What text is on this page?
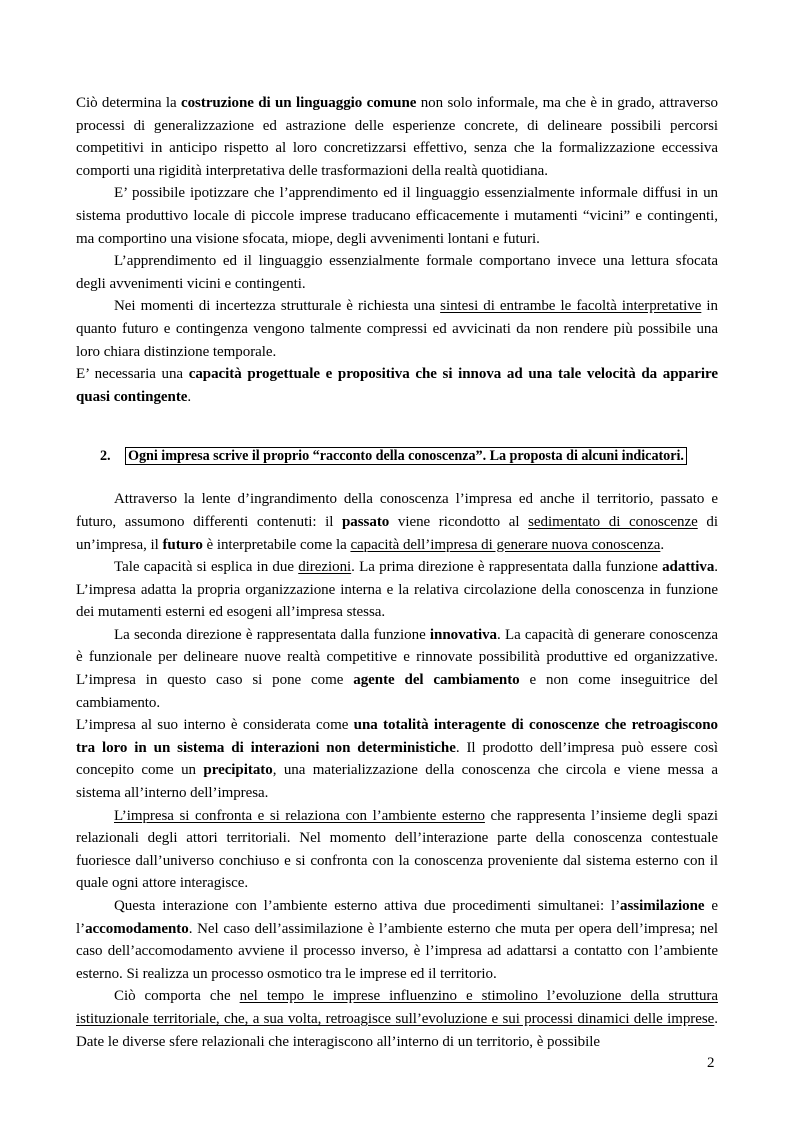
Ciò determina la costruzione di un linguaggio comune non solo informale, ma che è in grado, attraverso processi di generalizzazione ed astrazione delle esperienze concrete, di delineare possibili percorsi competitivi in anticipo rispetto al loro concretizzarsi effettivo, senza che la formalizzazione eccessiva comporti una rigidità interpretativa delle trasformazioni della realtà quotidiana.

E’ possibile ipotizzare che l’apprendimento ed il linguaggio essenzialmente informale diffusi in un sistema produttivo locale di piccole imprese traducano efficacemente i mutamenti “vicini” e contingenti, ma comportino una visione sfocata, miope, degli avvenimenti lontani e futuri.

L’apprendimento ed il linguaggio essenzialmente formale comportano invece una lettura sfocata degli avvenimenti vicini e contingenti.

Nei momenti di incertezza strutturale è richiesta una sintesi di entrambe le facoltà interpretative in quanto futuro e contingenza vengono talmente compressi ed avvicinati da non rendere più possibile una loro chiara distinzione temporale.

E’ necessaria una capacità progettuale e propositiva che si innova ad una tale velocità da apparire quasi contingente.

2. Ogni impresa scrive il proprio “racconto della conoscenza”. La proposta di alcuni indicatori.

Attraverso la lente d’ingrandimento della conoscenza l’impresa ed anche il territorio, passato e futuro, assumono differenti contenuti: il passato viene ricondotto al sedimentato di conoscenze di un’impresa, il futuro è interpretabile come la capacità dell’impresa di generare nuova conoscenza.

Tale capacità si esplica in due direzioni. La prima direzione è rappresentata dalla funzione adattiva. L’impresa adatta la propria organizzazione interna e la relativa circolazione della conoscenza in funzione dei mutamenti esterni ed esogeni all’impresa stessa.

La seconda direzione è rappresentata dalla funzione innovativa. La capacità di generare conoscenza è funzionale per delineare nuove realtà competitive e rinnovate possibilità produttive ed organizzative. L’impresa in questo caso si pone come agente del cambiamento e non come inseguitrice del cambiamento.

L’impresa al suo interno è considerata come una totalità interagente di conoscenze che retroagiscono tra loro in un sistema di interazioni non deterministiche. Il prodotto dell’impresa può essere così concepito come un precipitato, una materializzazione della conoscenza che circola e viene messa a sistema all’interno dell’impresa.

L’impresa si confronta e si relaziona con l’ambiente esterno che rappresenta l’insieme degli spazi relazionali degli attori territoriali. Nel momento dell’interazione parte della conoscenza contestuale fuoriesce dall’universo conchiuso e si confronta con la conoscenza proveniente dal sistema esterno con il quale ogni attore interagisce.

Questa interazione con l’ambiente esterno attiva due procedimenti simultanei: l’assimilazione e l’accomodamento. Nel caso dell’assimilazione è l’ambiente esterno che muta per opera dell’impresa; nel caso dell’accomodamento avviene il processo inverso, è l’impresa ad adattarsi a contatto con l’ambiente esterno. Si realizza un processo osmotico tra le imprese ed il territorio.

Ciò comporta che nel tempo le imprese influenzino e stimolino l’evoluzione della struttura istituzionale territoriale, che, a sua volta, retroagisce sull’evoluzione e sui processi dinamici delle imprese. Date le diverse sfere relazionali che interagiscono all’interno di un territorio, è possibile

2
